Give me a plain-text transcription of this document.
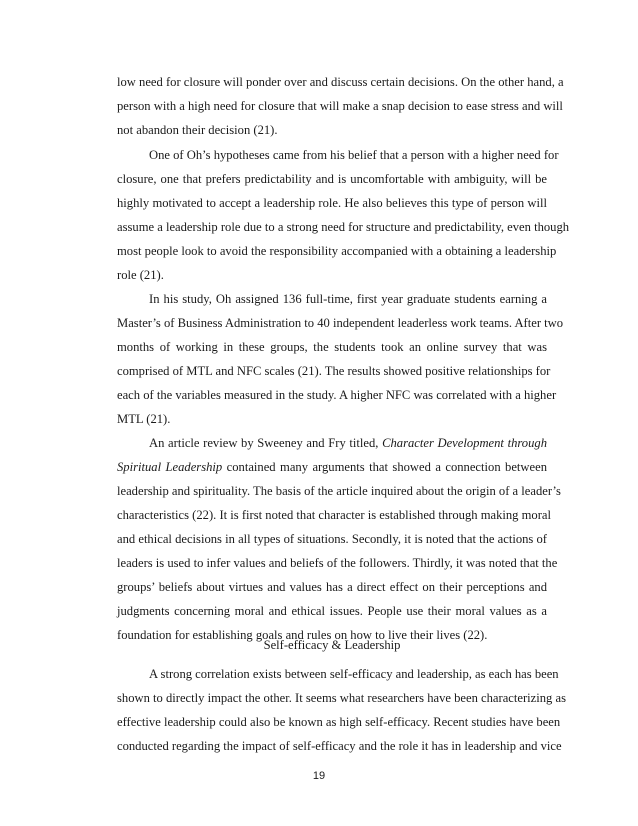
low need for closure will ponder over and discuss certain decisions. On the other hand, a
person with a high need for closure that will make a snap decision to ease stress and will
not abandon their decision (21).
One of Oh’s hypotheses came from his belief that a person with a higher need for
closure, one that prefers predictability and is uncomfortable with ambiguity, will be
highly motivated to accept a leadership role. He also believes this type of person will
assume a leadership role due to a strong need for structure and predictability, even though
most people look to avoid the responsibility accompanied with a obtaining a leadership
role (21).
In his study, Oh assigned 136 full-time, first year graduate students earning a
Master’s of Business Administration to 40 independent leaderless work teams. After two
months of working in these groups, the students took an online survey that was
comprised of MTL and NFC scales (21). The results showed positive relationships for
each of the variables measured in the study. A higher NFC was correlated with a higher
MTL (21).
An article review by Sweeney and Fry titled, Character Development through
Spiritual Leadership contained many arguments that showed a connection between
leadership and spirituality. The basis of the article inquired about the origin of a leader’s
characteristics (22). It is first noted that character is established through making moral
and ethical decisions in all types of situations. Secondly, it is noted that the actions of
leaders is used to infer values and beliefs of the followers. Thirdly, it was noted that the
groups’ beliefs about virtues and values has a direct effect on their perceptions and
judgments concerning moral and ethical issues. People use their moral values as a
foundation for establishing goals and rules on how to live their lives (22).
Self-efficacy & Leadership
A strong correlation exists between self-efficacy and leadership, as each has been
shown to directly impact the other. It seems what researchers have been characterizing as
effective leadership could also be known as high self-efficacy. Recent studies have been
conducted regarding the impact of self-efficacy and the role it has in leadership and vice
19
